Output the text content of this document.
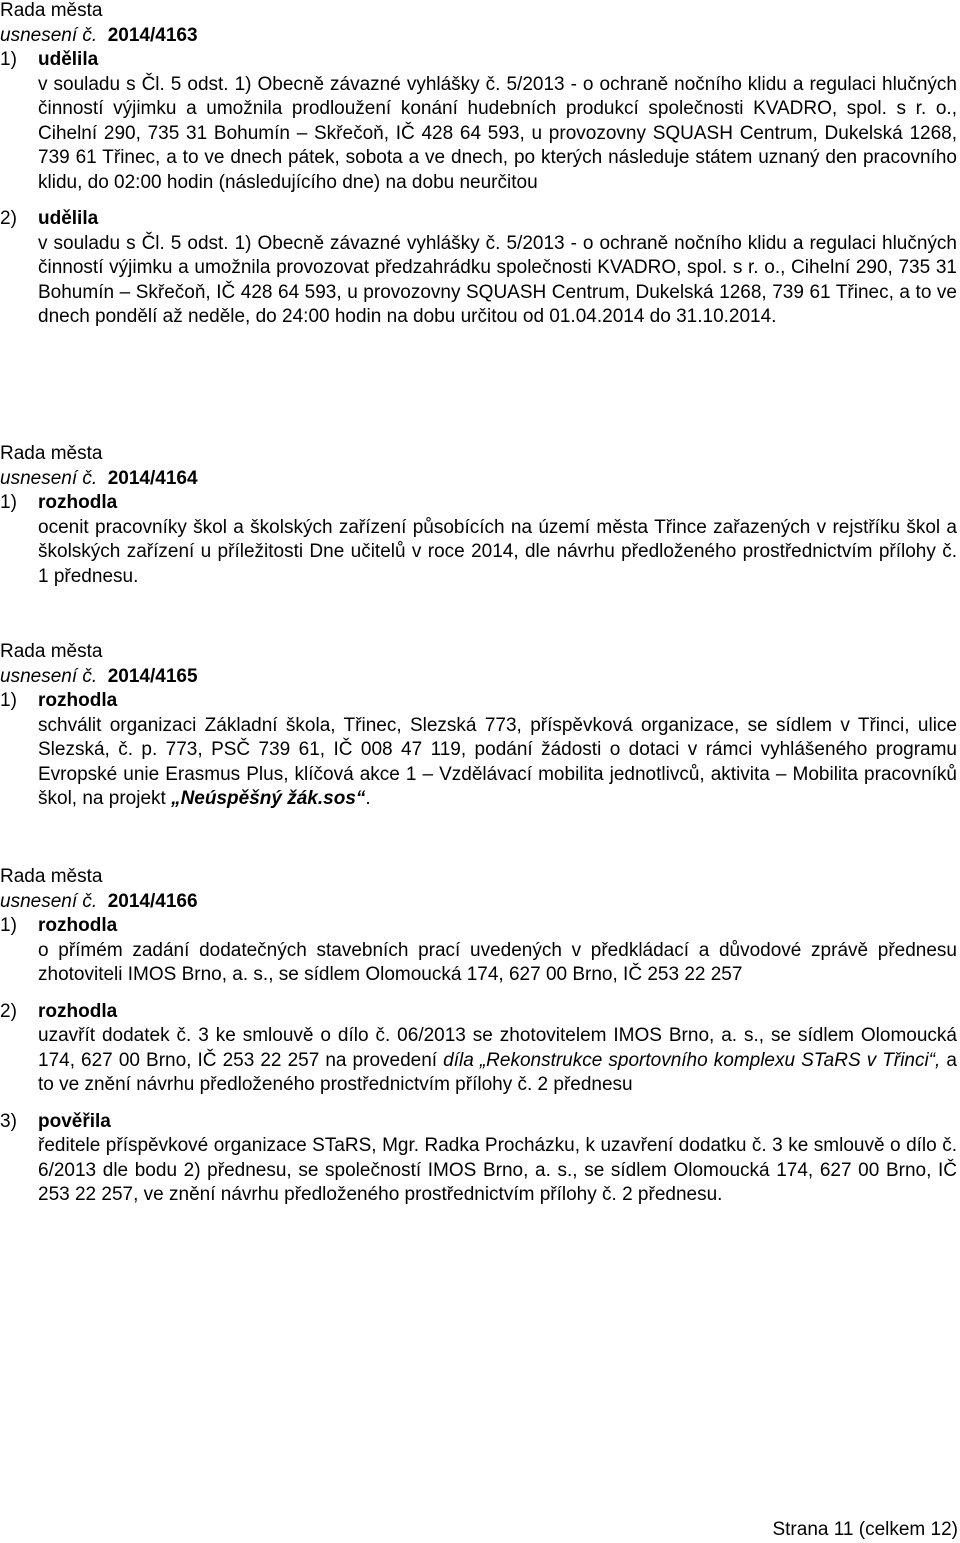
Rada města
usnesení č. 2014/4163
1) udělila

v souladu s Čl. 5 odst. 1) Obecně závazné vyhlášky č. 5/2013 - o ochraně nočního klidu a regulaci hlučných činností výjimku a umožnila prodloužení konání hudebních produkcí společnosti KVADRO, spol. s r. o., Cihelní 290, 735 31 Bohumín – Skřečoň, IČ 428 64 593, u provozovny SQUASH Centrum, Dukelská 1268, 739 61 Třinec, a to ve dnech pátek, sobota a ve dnech, po kterých následuje státem uznaný den pracovního klidu, do 02:00 hodin (následujícího dne) na dobu neurčitou

2) udělila

v souladu s Čl. 5 odst. 1) Obecně závazné vyhlášky č. 5/2013 - o ochraně nočního klidu a regulaci hlučných činností výjimku a umožnila provozovat předzahrádku společnosti KVADRO, spol. s r. o., Cihelní 290, 735 31 Bohumín – Skřečoň, IČ 428 64 593, u provozovny SQUASH Centrum, Dukelská 1268, 739 61 Třinec, a to ve dnech pondělí až neděle, do 24:00 hodin na dobu určitou od 01.04.2014 do 31.10.2014.

Rada města
usnesení č. 2014/4164
1) rozhodla

ocenit pracovníky škol a školských zařízení působících na území města Třince zařazených v rejstříku škol a školských zařízení u příležitosti Dne učitelů v roce 2014, dle návrhu předloženého prostřednictvím přílohy č. 1 přednesu.

Rada města
usnesení č. 2014/4165
1) rozhodla

schválit organizaci Základní škola, Třinec, Slezská 773, příspěvková organizace, se sídlem v Třinci, ulice Slezská, č. p. 773, PSČ 739 61, IČ 008 47 119, podání žádosti o dotaci v rámci vyhlášeného programu Evropské unie Erasmus Plus, klíčová akce 1 – Vzdělávací mobilita jednotlivců, aktivita – Mobilita pracovníků škol, na projekt „Neúspěšný žák.sos“.

Rada města
usnesení č. 2014/4166
1) rozhodla

o přímém zadání dodatečných stavebních prací uvedených v předkládací a důvodové zprávě přednesu zhotoviteli IMOS Brno, a. s., se sídlem Olomoucká 174, 627 00 Brno, IČ 253 22 257

2) rozhodla

uzavřít dodatek č. 3 ke smlouvě o dílo č. 06/2013 se zhotovitelem IMOS Brno, a. s., se sídlem Olomoucká 174, 627 00 Brno, IČ 253 22 257 na provedení díla „Rekonstrukce sportovního komplexu STaRS v Třinci“, a to ve znění návrhu předloženého prostřednictvím přílohy č. 2 přednesu

3) pověřila

ředitele příspěvkové organizace STaRS, Mgr. Radka Procházku, k uzavření dodatku č. 3 ke smlouvě o dílo č. 6/2013 dle bodu 2) přednesu, se společností IMOS Brno, a. s., se sídlem Olomoucká 174, 627 00 Brno, IČ 253 22 257, ve znění návrhu předloženého prostřednictvím přílohy č. 2 přednesu.

Strana 11 (celkem 12)
